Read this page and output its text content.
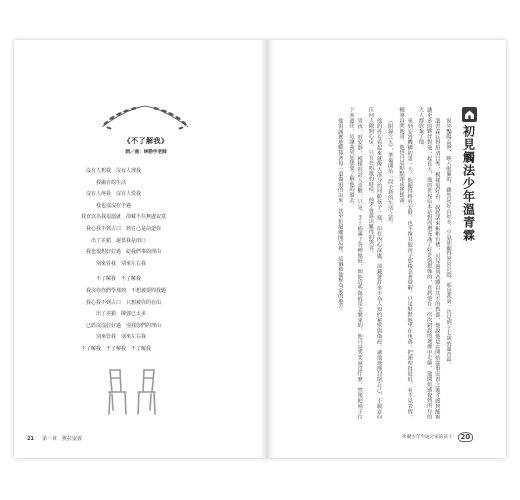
《不了解我》
詞／曲：林勁宇老師
　　　　沒有人想我　沒有人理我
　　　　　　我關自的生活
　　　　沒有人疼我　沒有人愛我
　　　　　　我也沒沒在予過
　　　我直以為我很溫就　卻藏不住無處寂寞
　　　　我心我不到占口　到自己是前道你
　　　　　出了差錯　還當我是雨口
　　　　我也很想好好過　給我們事的理由
　　　　　　別來管我　別來左右我
　　　　　　不了解我　不了解我
　　　　我沒你你們學那到　不想被要問我題
　　　　我心我不到占口　只想被你的在由
　　　　　　出了差錯　陳強已太多
　　　　已經沒沒好好過　別找你們的理由
　　　　　　別來管我　別來左右我
　　　不了解我　不了解我　不了解我
21 第一章　挑拉安置
初見觸法少年溫青霖

窗外豔陽高照，映入眼簾的，雖然是好山好水、空氣卻顯得異常沉悶，那是我第一次見到十七歲的溫青霖。

溫青霖長得眉清目秀，模樣很好看，說起話來彬彬有禮，可見過何者雖以其不的教養，他說他是在開始從事安置之後才感到能夠讓更多的夥伴對他一起長大，他的世界原本是對周遭充滿了好奇與想像的，直到他在一次次錯誤的選擇中走偏，他開始感覺到所有的大人都放棄了他。

來到安置機構的第一天，他顯得格外安靜，也不像其他孩子那樣急著辯解，只是默默地坐在角落，把頭埋得很低，看不見表情，輔導員問他話，他也只是點點頭或搖搖頭。

《附錄之五》，準備開始一段全新的生活之旅。

他的外在看起來就像大部分的同齡孩子一樣，但在內心深處，卻藏著許多不為人知的秘密與傷痕，讓他選擇封閉自己，不願意向任何人敞開心房，只有在唱歌的時候，他才會露出難得的笑容。

男孩，很安靜，模樣很討人喜歡，只是，手上佈滿了各種傷痕，問他這些傷痕是怎麼來的，他只是笑笑說沒什麼，然後把袖子拉下來遮住，這讓我更加想要了解他的過去。

他很誠實地數算著每一道傷痕的由來，甚至拒絕離開這裡，這個被他視為家的地方。

弗爾少年中途之家的孩子	20
